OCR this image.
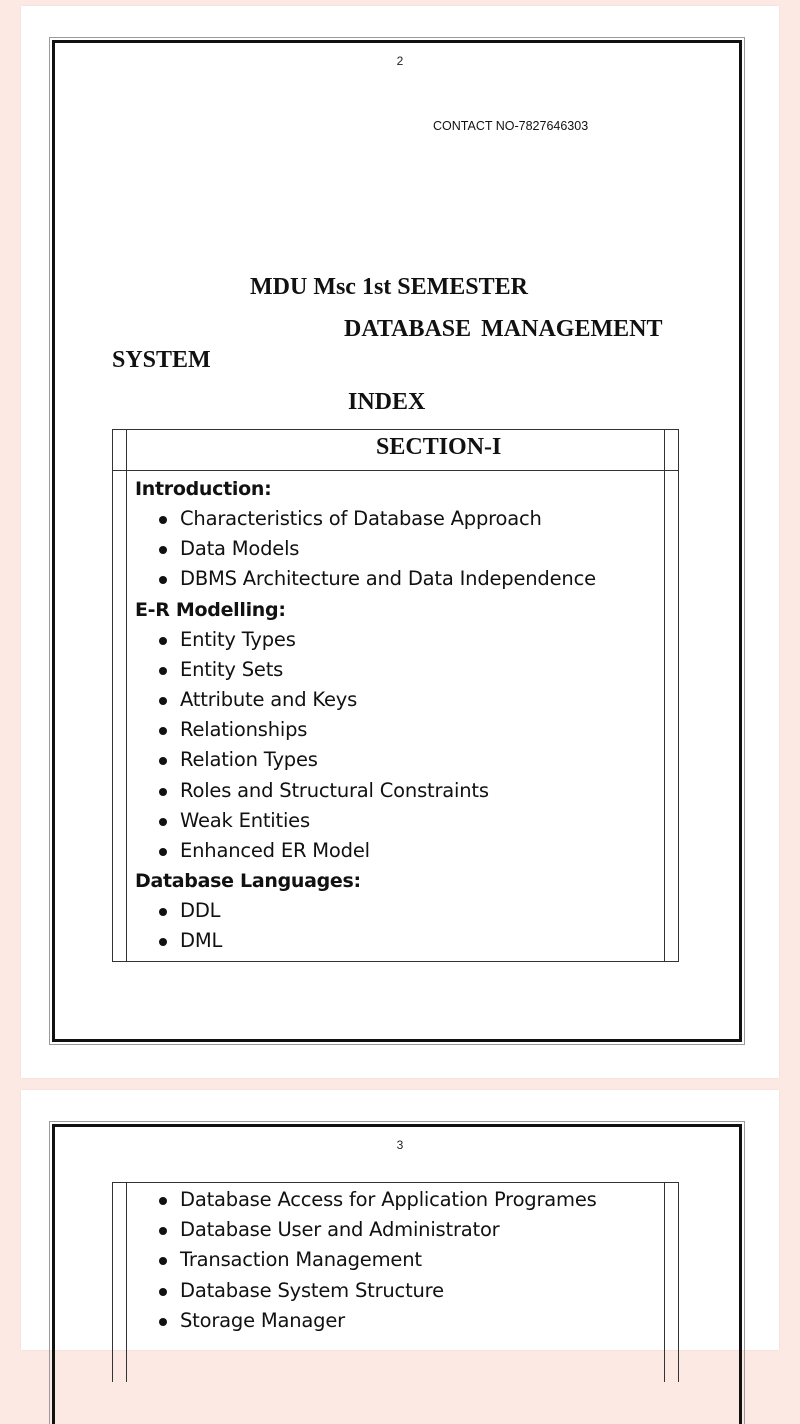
2
CONTACT NO-7827646303
MDU Msc 1st SEMESTER
DATABASE MANAGEMENT
SYSTEM
INDEX
SECTION-I
Introduction:
Characteristics of Database Approach
Data Models
DBMS Architecture and Data Independence
E-R Modelling:
Entity Types
Entity Sets
Attribute and Keys
Relationships
Relation Types
Roles and Structural Constraints
Weak Entities
Enhanced ER Model
Database Languages:
DDL
DML
3
Database Access for Application Programes
Database User and Administrator
Transaction Management
Database System Structure
Storage Manager
